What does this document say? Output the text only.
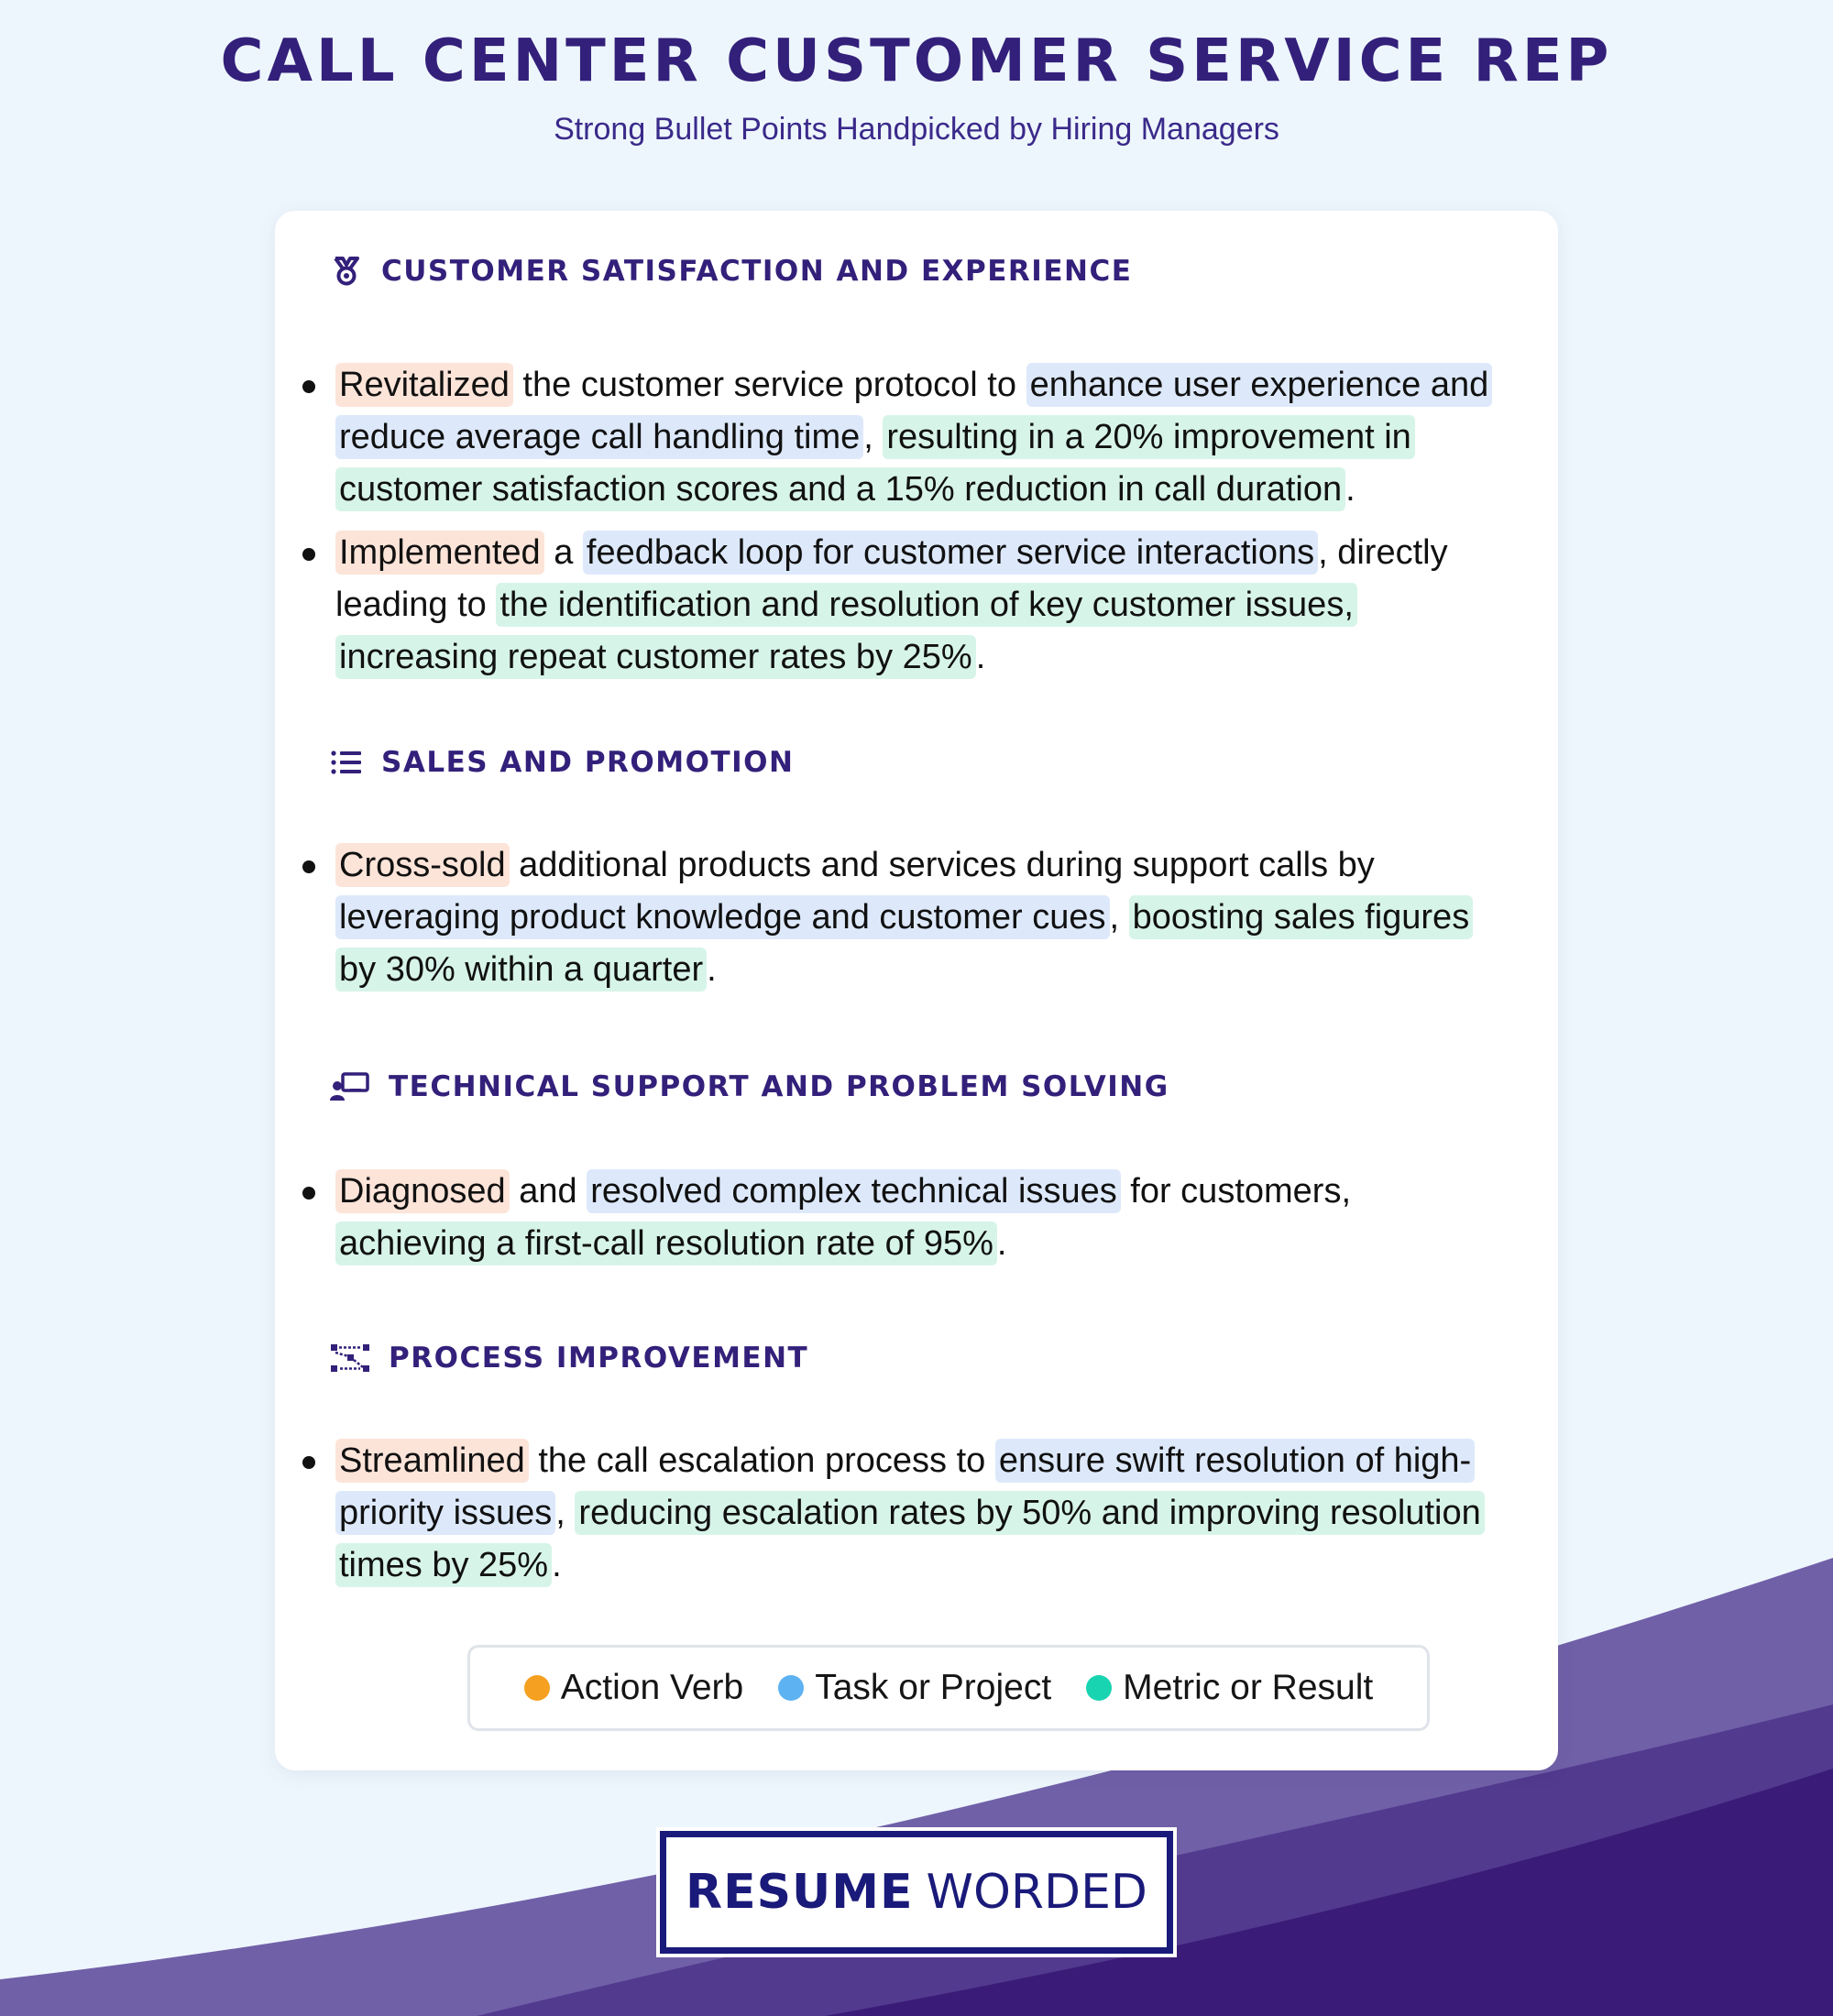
CALL CENTER CUSTOMER SERVICE REP
Strong Bullet Points Handpicked by Hiring Managers
CUSTOMER SATISFACTION AND EXPERIENCE
Revitalized the customer service protocol to enhance user experience and reduce average call handling time , resulting in a 20% improvement in customer satisfaction scores and a 15% reduction in call duration .
Implemented a feedback loop for customer service interactions , directly leading to the identification and resolution of key customer issues, increasing repeat customer rates by 25% .
SALES AND PROMOTION
Cross-sold additional products and services during support calls by leveraging product knowledge and customer cues , boosting sales figures by 30% within a quarter .
TECHNICAL SUPPORT AND PROBLEM SOLVING
Diagnosed and resolved complex technical issues for customers, achieving a first-call resolution rate of 95% .
PROCESS IMPROVEMENT
Streamlined the call escalation process to ensure swift resolution of high-priority issues , reducing escalation rates by 50% and improving resolution times by 25% .
Action Verb Task or Project Metric or Result
RESUME WORDED
